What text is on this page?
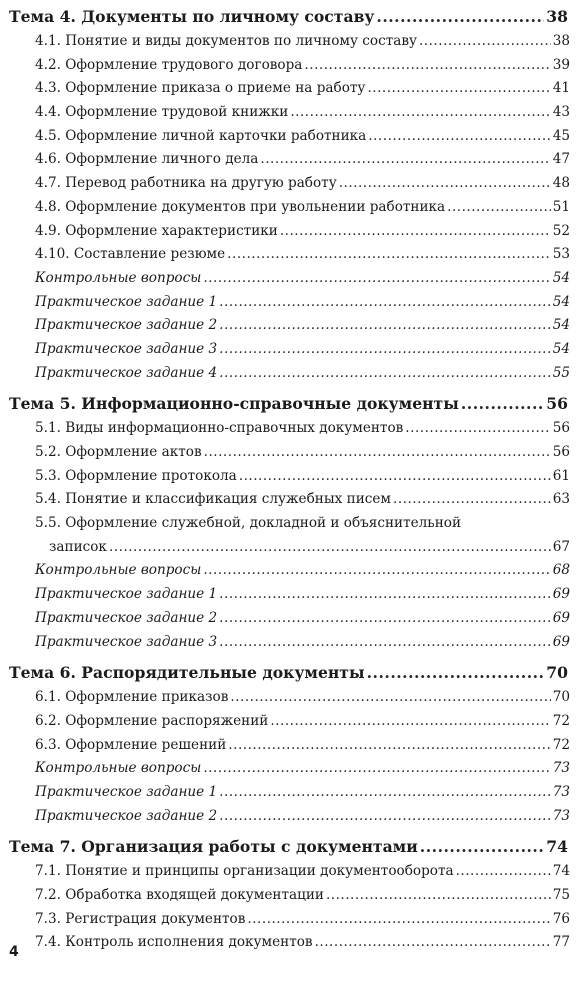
Тема 4. Документы по личному составу .....	38
4.1. Понятие и виды документов по личному составу .....	38
4.2. Оформление трудового договора .....	39
4.3. Оформление приказа о приеме на работу .....	41
4.4. Оформление трудовой книжки .....	43
4.5. Оформление личной карточки работника .....	45
4.6. Оформление личного дела .....	47
4.7. Перевод работника на другую работу .....	48
4.8. Оформление документов при увольнении работника .....	51
4.9. Оформление характеристики .....	52
4.10. Составление резюме .....	53
Контрольные вопросы .....	54
Практическое задание 1 .....	54
Практическое задание 2 .....	54
Практическое задание 3 .....	54
Практическое задание 4 .....	55
Тема 5. Информационно-справочные документы .....	56
5.1. Виды информационно-справочных документов .....	56
5.2. Оформление актов .....	56
5.3. Оформление протокола .....	61
5.4. Понятие и классификация служебных писем .....	63
5.5. Оформление служебной, докладной и объяснительной
записок .....	67
Контрольные вопросы .....	68
Практическое задание 1 .....	69
Практическое задание 2 .....	69
Практическое задание 3 .....	69
Тема 6. Распорядительные документы .....	70
6.1. Оформление приказов .....	70
6.2. Оформление распоряжений .....	72
6.3. Оформление решений .....	72
Контрольные вопросы .....	73
Практическое задание 1 .....	73
Практическое задание 2 .....	73
Тема 7. Организация работы с документами .....	74
7.1. Понятие и принципы организации документооборота .....	74
7.2. Обработка входящей документации .....	75
7.3. Регистрация документов .....	76
7.4. Контроль исполнения документов .....	77
4
